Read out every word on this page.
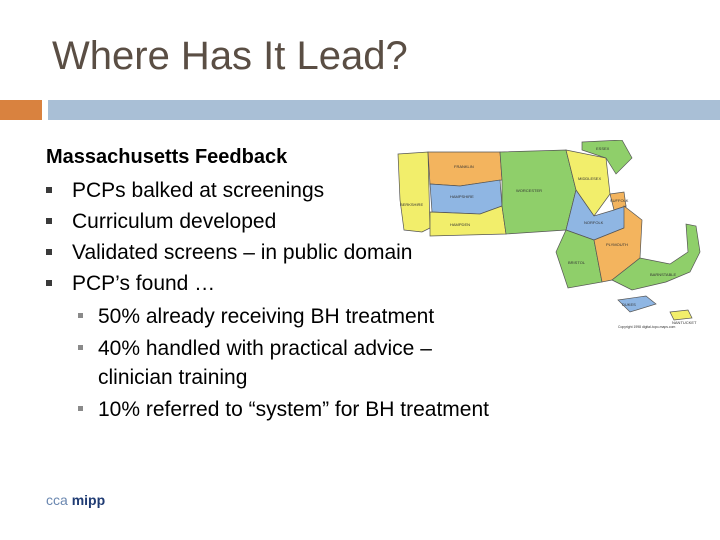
Where Has It Lead?
FRANKLIN
MIDDLESEX
ESSEX
BERKSHIRE
HAMPSHIRE
WORCESTER
SUFFOLK
HAMPDEN	NORFOLK
BRISTOL
PLYMOUTH
BARNSTABLE
DUKES
NANTUCKET
Copyright 1998 digital-topo-maps.com
Massachusetts Feedback
PCPs balked at screenings
Curriculum developed
Validated screens – in public domain
PCP’s found …
50% already receiving BH treatment
40% handled with practical advice – clinician training
10% referred to “system” for BH treatment
cca mipp
